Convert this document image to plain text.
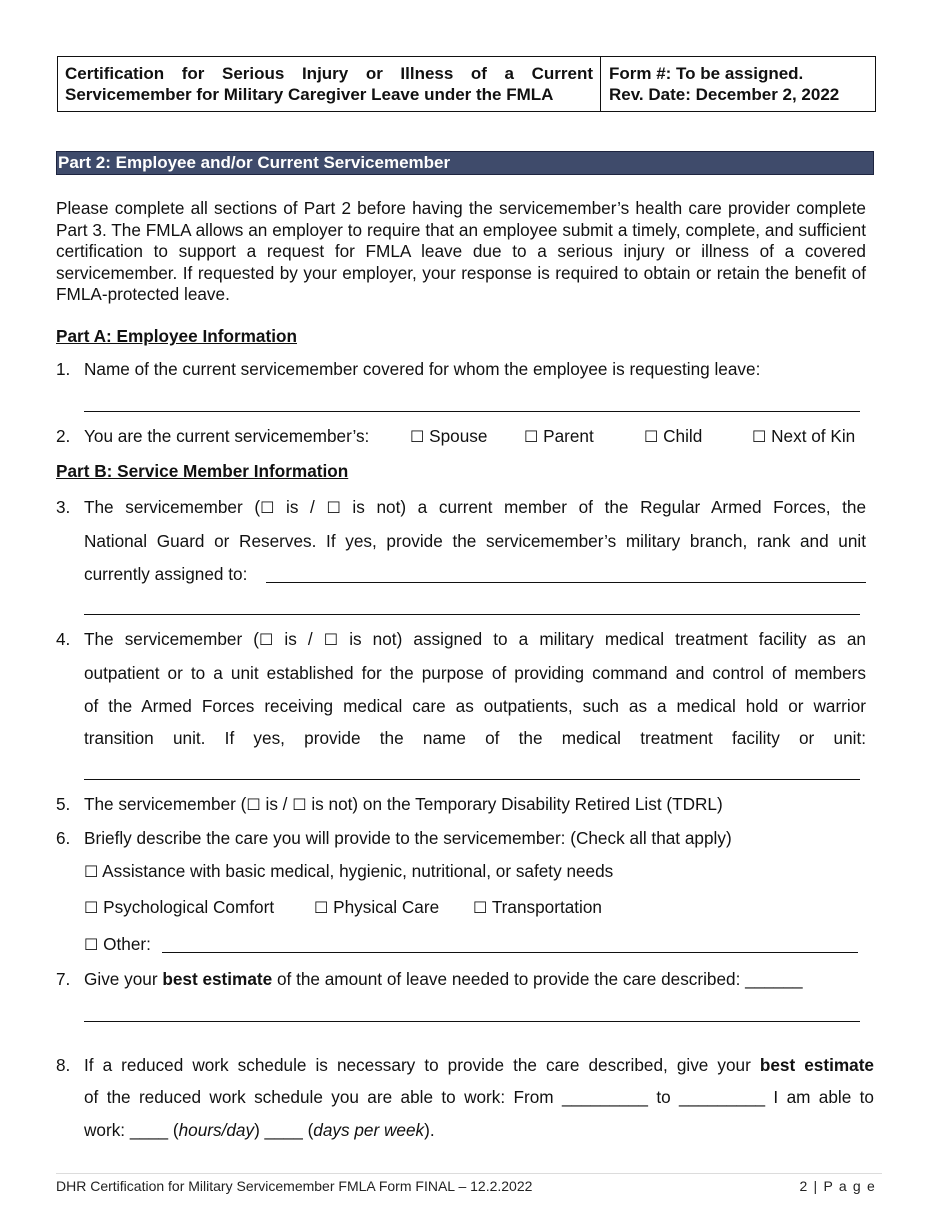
Certification for Serious Injury or Illness of a Current
Servicemember for Military Caregiver Leave under the FMLA
Form #: To be assigned.
Rev. Date: December 2, 2022
Part 2: Employee and/or Current Servicemember
Please complete all sections of Part 2 before having the servicemember’s health care provider complete Part 3. The FMLA allows an employer to require that an employee submit a timely, complete, and sufficient certification to support a request for FMLA leave due to a serious injury or illness of a covered servicemember. If requested by your employer, your response is required to obtain or retain the benefit of FMLA-protected leave.
Part A: Employee Information
1. Name of the current servicemember covered for whom the employee is requesting leave:
2. You are the current servicemember’s:	☐ Spouse ☐ Parent	☐ Child	☐ Next of Kin
Part B: Service Member Information
3. The servicemember (☐ is / ☐ is not) a current member of the Regular Armed Forces, the
National Guard or Reserves. If yes, provide the servicemember’s military branch, rank and unit
currently assigned to:
4. The servicemember (☐ is / ☐ is not) assigned to a military medical treatment facility as an
outpatient or to a unit established for the purpose of providing command and control of members
of the Armed Forces receiving medical care as outpatients, such as a medical hold or warrior
transition unit. If yes, provide the name of the medical treatment facility or unit:
5. The servicemember (☐ is / ☐ is not) on the Temporary Disability Retired List (TDRL)
6. Briefly describe the care you will provide to the servicemember: (Check all that apply)
☐ Assistance with basic medical, hygienic, nutritional, or safety needs
☐ Psychological Comfort ☐ Physical Care ☐ Transportation
☐ Other:
7. Give your best estimate of the amount of leave needed to provide the care described: ______
8. If a reduced work schedule is necessary to provide the care described, give your best estimate
of the reduced work schedule you are able to work: From _________ to _________ I am able to
work: ____ (hours/day) ____ (days per week).
DHR Certification for Military Servicemember FMLA Form FINAL – 12.2.2022	2 | P a g e
